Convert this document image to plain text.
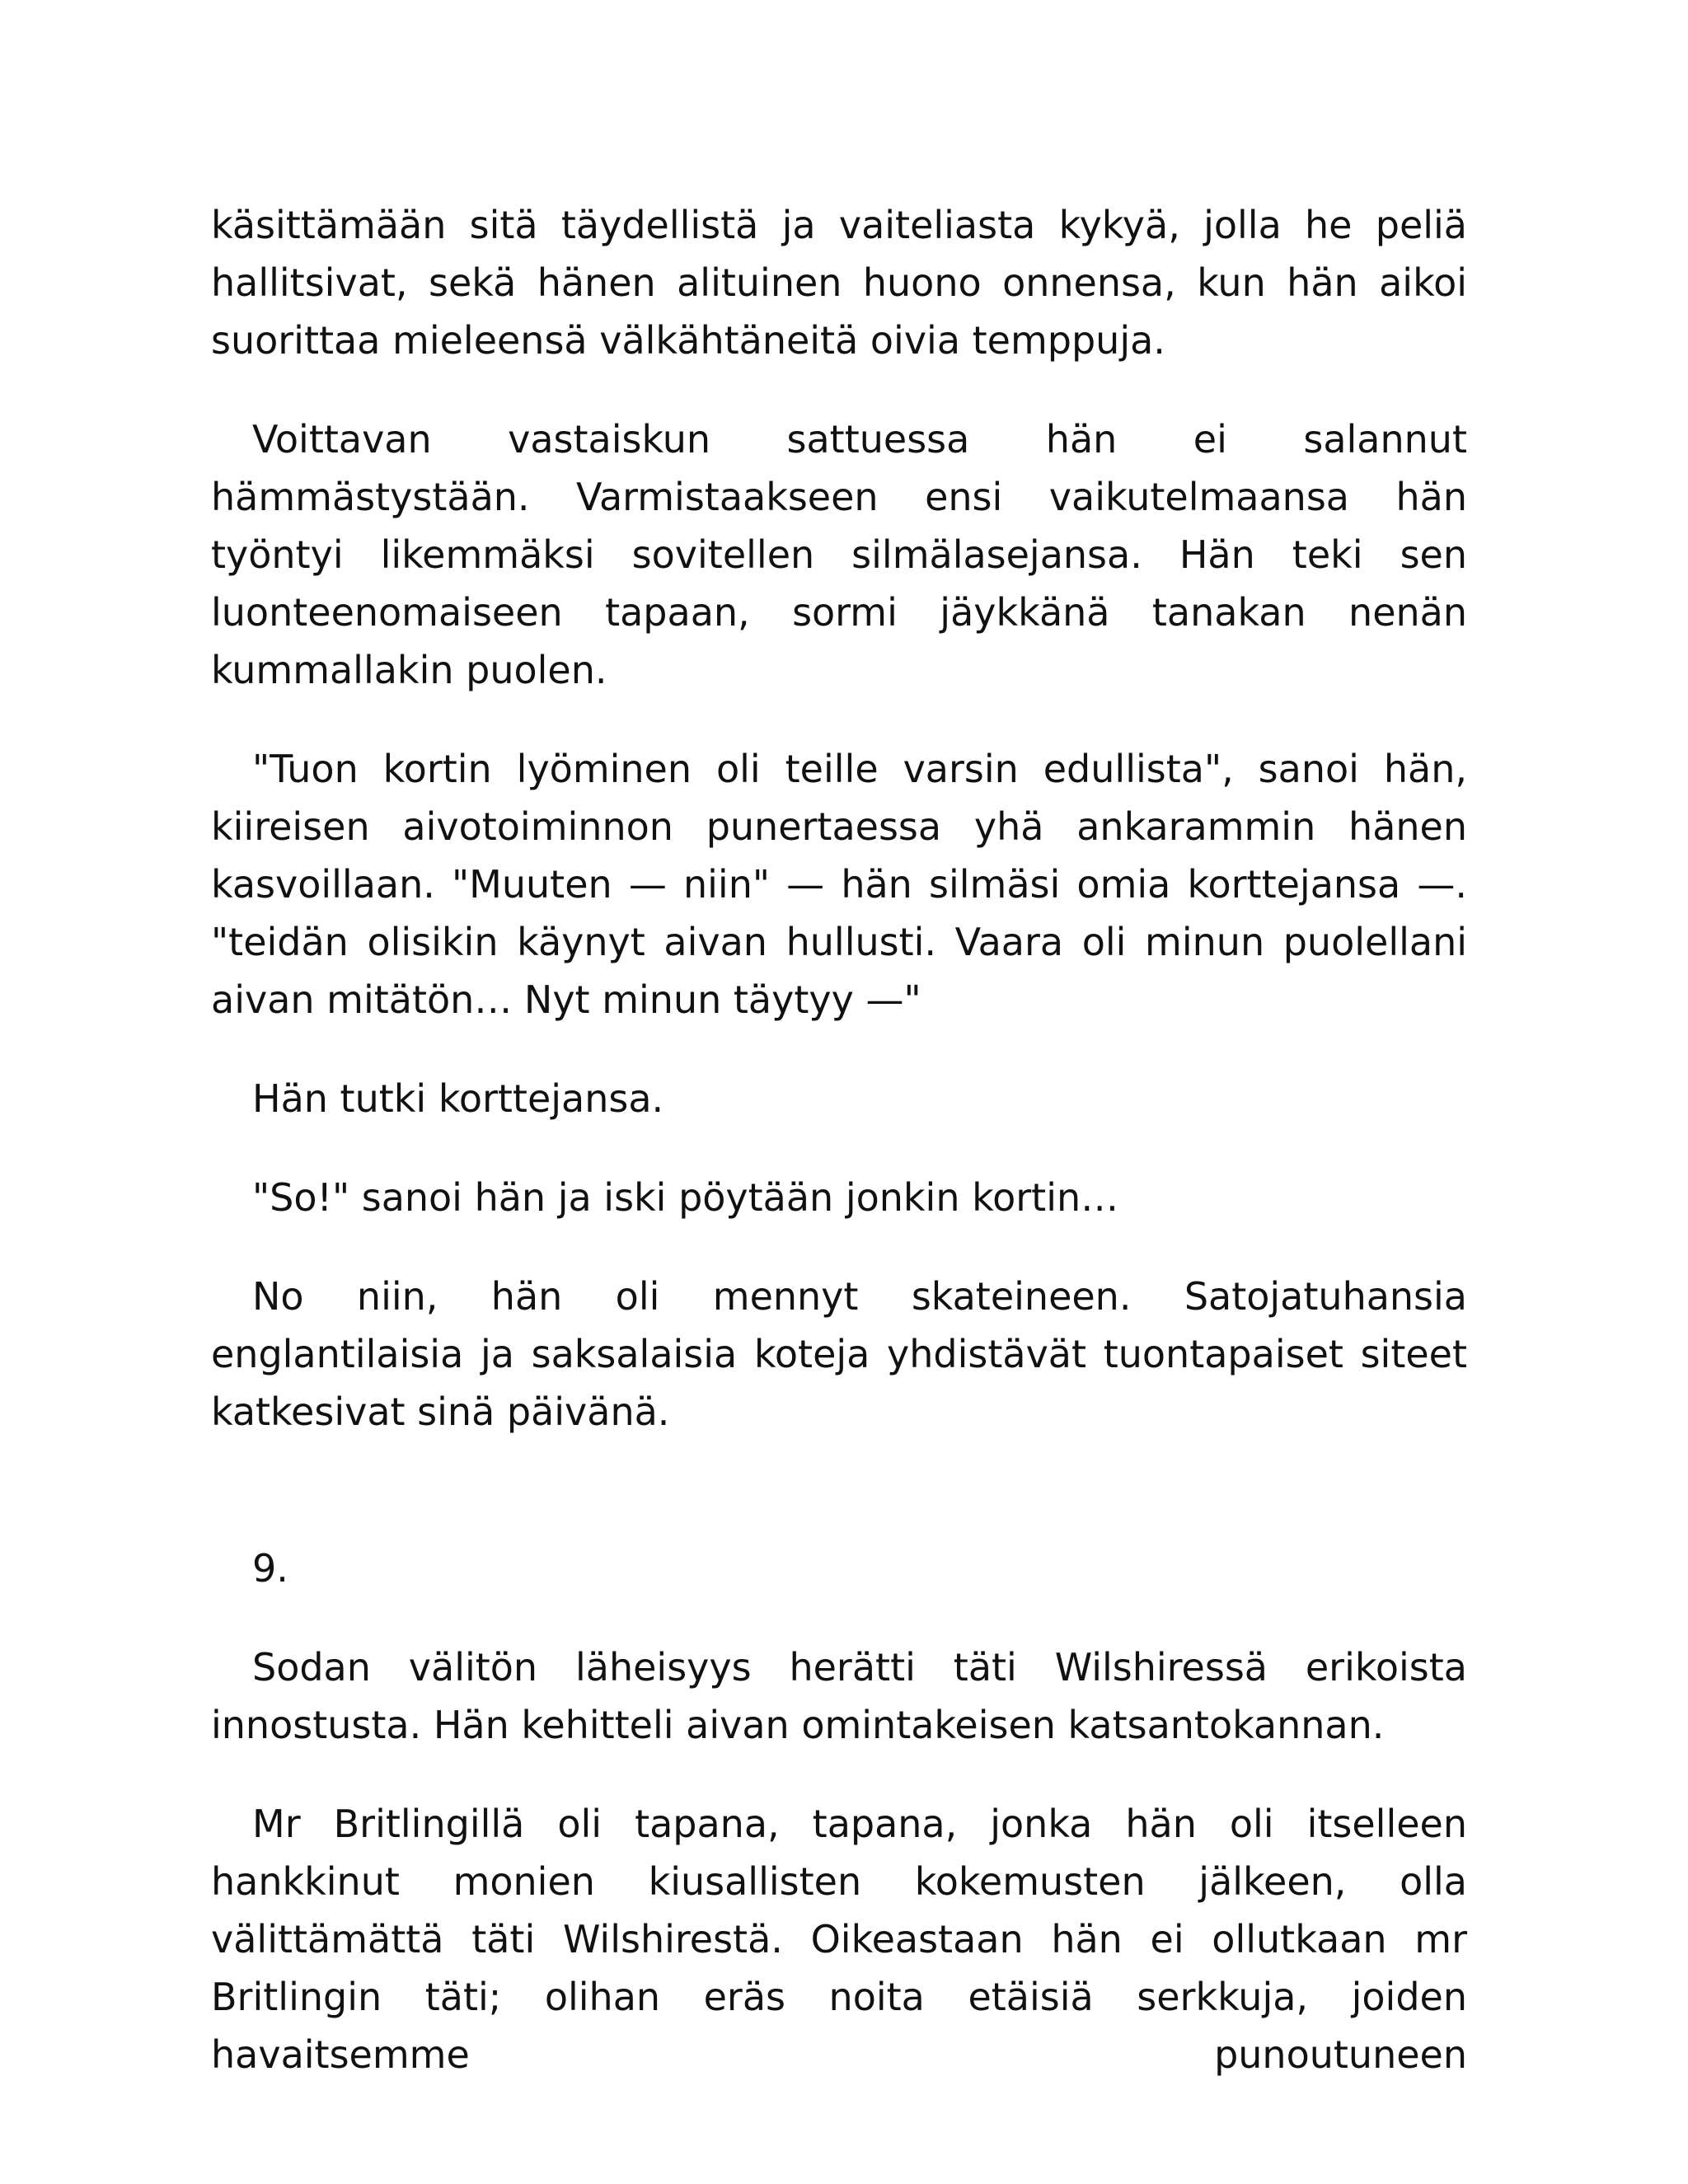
käsittämään sitä täydellistä ja vaiteliasta kykyä, jolla he peliä hallitsivat, sekä hänen alituinen huono onnensa, kun hän aikoi suorittaa mieleensä välkähtäneitä oivia temppuja.

Voittavan vastaiskun sattuessa hän ei salannut hämmästystään. Varmistaakseen ensi vaikutelmaansa hän työntyi likemmäksi sovitellen silmälasejansa. Hän teki sen luonteenomaiseen tapaan, sormi jäykkänä tanakan nenän kummallakin puolen.

"Tuon kortin lyöminen oli teille varsin edullista", sanoi hän, kiireisen aivotoiminnon punertaessa yhä ankarammin hänen kasvoillaan. "Muuten — niin" — hän silmäsi omia korttejansa —. "teidän olisikin käynyt aivan hullusti. Vaara oli minun puolellani aivan mitätön… Nyt minun täytyy —"

Hän tutki korttejansa.

"So!" sanoi hän ja iski pöytään jonkin kortin…

No niin, hän oli mennyt skateineen. Satojatuhansia englantilaisia ja saksalaisia koteja yhdistävät tuontapaiset siteet katkesivat sinä päivänä.

9.

Sodan välitön läheisyys herätti täti Wilshiressä erikoista innostusta. Hän kehitteli aivan omintakeisen katsantokannan.

Mr Britlingillä oli tapana, tapana, jonka hän oli itselleen hankkinut monien kiusallisten kokemusten jälkeen, olla välittämättä täti Wilshirestä. Oikeastaan hän ei ollutkaan mr Britlingin täti; olihan eräs noita etäisiä serkkuja, joiden havaitsemme punoutuneen
